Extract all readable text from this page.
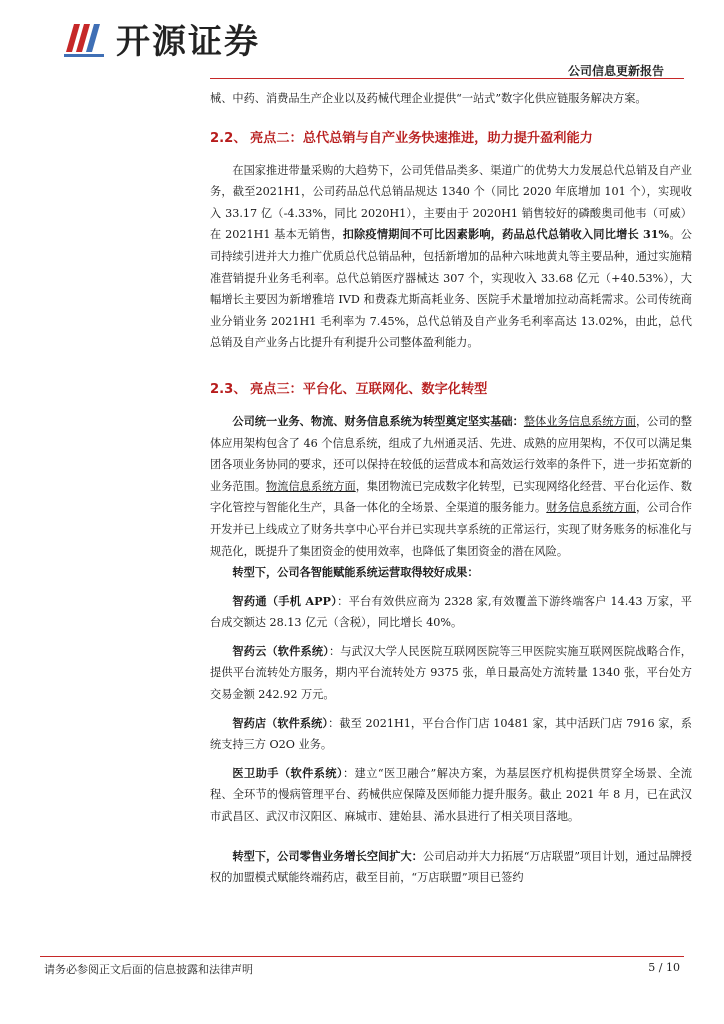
开源证券
公司信息更新报告

械、中药、消费品生产企业以及药械代理企业提供“一站式”数字化供应链服务解决方案。

2.2、 亮点二：总代总销与自产业务快速推进，助力提升盈利能力

在国家推进带量采购的大趋势下，公司凭借品类多、渠道广的优势大力发展总代总销及自产业务，截至2021H1，公司药品总代总销品规达 1340 个（同比 2020 年底增加 101 个），实现收入 33.17 亿（-4.33%，同比 2020H1），主要由于 2020H1 销售较好的磷酸奥司他韦（可威）在 2021H1 基本无销售，扣除疫情期间不可比因素影响，药品总代总销收入同比增长 31%。公司持续引进并大力推广优质总代总销品种，包括新增加的品种六味地黄丸等主要品种，通过实施精准营销提升业务毛利率。总代总销医疗器械达 307 个，实现收入 33.68 亿元（+40.53%），大幅增长主要因为新增雅培 IVD 和费森尤斯高耗业务、医院手术量增加拉动高耗需求。公司传统商业分销业务 2021H1 毛利率为 7.45%，总代总销及自产业务毛利率高达 13.02%，由此，总代总销及自产业务占比提升有利提升公司整体盈利能力。

2.3、 亮点三：平台化、互联网化、数字化转型

公司统一业务、物流、财务信息系统为转型奠定坚实基础：整体业务信息系统方面，公司的整体应用架构包含了 46 个信息系统，组成了九州通灵活、先进、成熟的应用架构，不仅可以满足集团各项业务协同的要求，还可以保持在较低的运营成本和高效运行效率的条件下，进一步拓宽新的业务范围。物流信息系统方面，集团物流已完成数字化转型，已实现网络化经营、平台化运作、数字化管控与智能化生产，具备一体化的全场景、全渠道的服务能力。财务信息系统方面，公司合作开发并已上线成立了财务共享中心平台并已实现共享系统的正常运行，实现了财务账务的标准化与规范化，既提升了集团资金的使用效率，也降低了集团资金的潜在风险。

转型下，公司各智能赋能系统运营取得较好成果：

智药通（手机 APP）：平台有效供应商为 2328 家,有效覆盖下游终端客户 14.43 万家，平台成交额达 28.13 亿元（含税），同比增长 40%。

智药云（软件系统）：与武汉大学人民医院互联网医院等三甲医院实施互联网医院战略合作，提供平台流转处方服务，期内平台流转处方 9375 张，单日最高处方流转量 1340 张，平台处方交易金额 242.92 万元。

智药店（软件系统）：截至 2021H1，平台合作门店 10481 家，其中活跃门店 7916 家，系统支持三方 O2O 业务。

医卫助手（软件系统）：建立“医卫融合”解决方案，为基层医疗机构提供贯穿全场景、全流程、全环节的慢病管理平台、药械供应保障及医师能力提升服务。截止 2021 年 8 月，已在武汉市武昌区、武汉市汉阳区、麻城市、建始县、浠水县进行了相关项目落地。

转型下，公司零售业务增长空间扩大：公司启动并大力拓展“万店联盟”项目计划，通过品牌授权的加盟模式赋能终端药店，截至目前，“万店联盟”项目已签约

请务必参阅正文后面的信息披露和法律声明	5 / 10
